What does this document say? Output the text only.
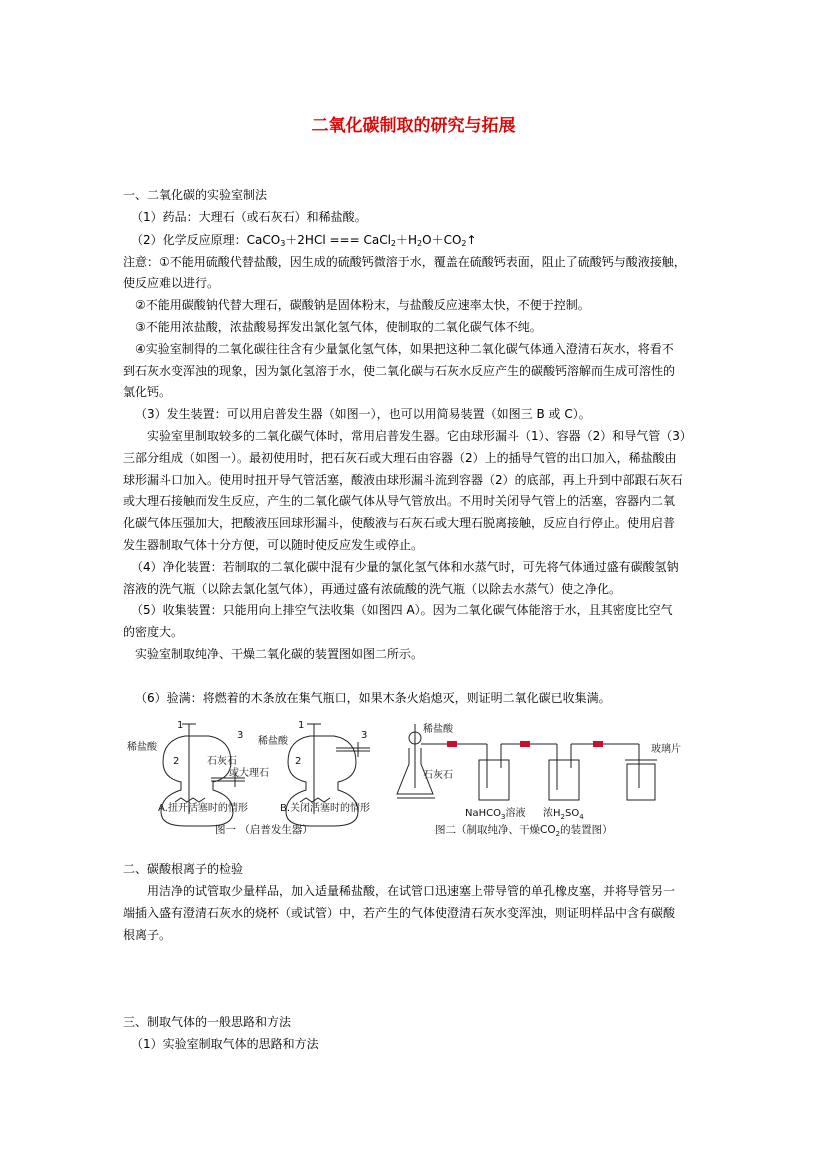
二氧化碳制取的研究与拓展
一、二氧化碳的实验室制法
（1）药品：大理石（或石灰石）和稀盐酸。
（2）化学反应原理：CaCO$_3$＋2HCl === $CaCl_2+H_2O+CO_2↑$
注意：①不能用硫酸代替盐酸，因生成的硫酸钙微溶于水，覆盖在硫酸钙表面，阻止了硫酸钙与酸液接触，
使反应难以进行。
②不能用碳酸钠代替大理石，碳酸钠是固体粉末，与盐酸反应速率太快，不便于控制。
③不能用浓盐酸，浓盐酸易挥发出氯化氢气体，使制取的二氧化碳气体不纯。
④实验室制得的二氧化碳往往含有少量氯化氢气体，如果把这种二氧化碳气体通入澄清石灰水，将看不
到石灰水变浑浊的现象，因为氯化氢溶于水，使二氧化碳与石灰水反应产生的碳酸钙溶解而生成可溶性的
氯化钙。
（3）发生装置：可以用启普发生器（如图一），也可以用简易装置（如图三 B 或 C）。
实验室里制取较多的二氧化碳气体时，常用启普发生器。它由球形漏斗（1）、容器（2）和导气管（3）
三部分组成（如图一）。最初使用时，把石灰石或大理石由容器（2）上的插导气管的出口加入，稀盐酸由
球形漏斗口加入。使用时扭开导气管活塞，酸液由球形漏斗流到容器（2）的底部，再上升到中部跟石灰石
或大理石接触而发生反应，产生的二氧化碳气体从导气管放出。不用时关闭导气管上的活塞，容器内二氧
化碳气体压强加大，把酸液压回球形漏斗，使酸液与石灰石或大理石脱离接触，反应自行停止。使用启普
发生器制取气体十分方便，可以随时使反应发生或停止。
（4）净化装置：若制取的二氧化碳中混有少量的氯化氢气体和水蒸气时，可先将气体通过盛有碳酸氢钠
溶液的洗气瓶（以除去氯化氢气体），再通过盛有浓硫酸的洗气瓶（以除去水蒸气）使之净化。
（5）收集装置：只能用向上排空气法收集（如图四 A）。因为二氧化碳气体能溶于水，且其密度比空气
的密度大。
实验室制取纯净、干燥二氧化碳的装置图如图二所示。
（6）验满：将燃着的木条放在集气瓶口，如果木条火焰熄灭，则证明二氧化碳已收集满。
1
2
3
稀盐酸
石灰石
或大理石
1
2
3
稀盐酸
A.扭开活塞时的情形	B.关闭活塞时的情形
图一 （启普发生器）
稀盐酸
石灰石
NaHCO$_3$溶液 浓$H_2SO_4$
玻璃片
图二（制取纯净、干燥$CO_2$的装置图）
二、碳酸根离子的检验
用洁净的试管取少量样品，加入适量稀盐酸，在试管口迅速塞上带导管的单孔橡皮塞，并将导管另一
端插入盛有澄清石灰水的烧杯（或试管）中，若产生的气体使澄清石灰水变浑浊，则证明样品中含有碳酸
根离子。
三、制取气体的一般思路和方法
（1）实验室制取气体的思路和方法
